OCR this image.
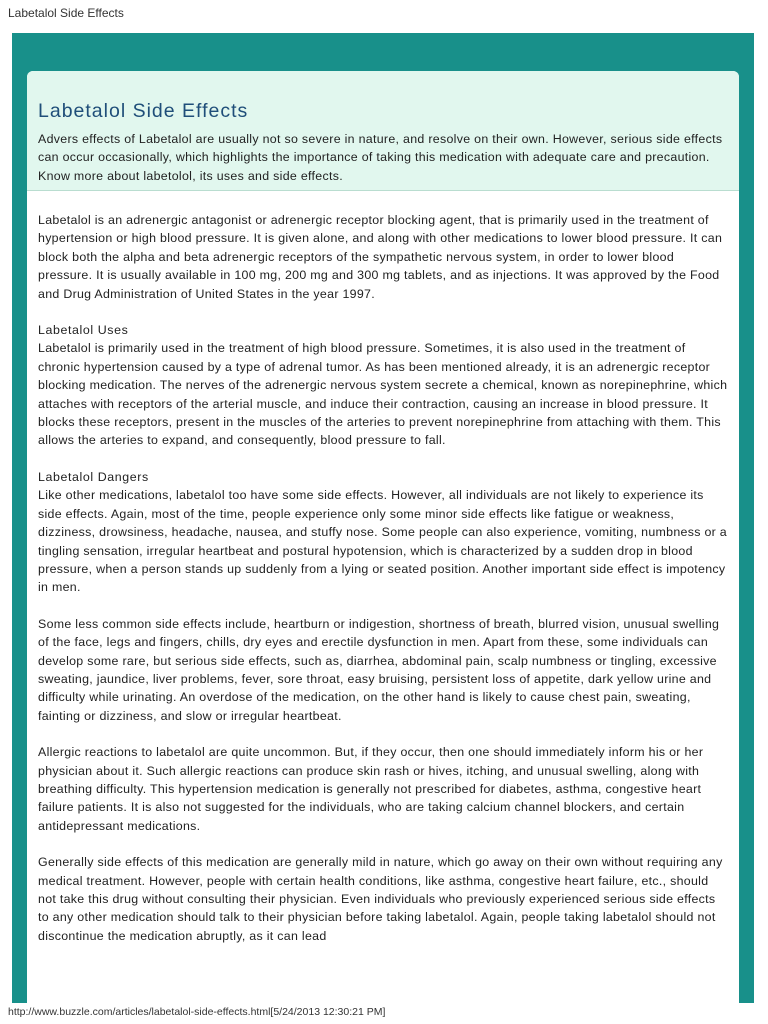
Labetalol Side Effects
Labetalol Side Effects

Advers effects of Labetalol are usually not so severe in nature, and resolve on their own. However, serious side effects can occur occasionally, which highlights the importance of taking this medication with adequate care and precaution. Know more about labetolol, its uses and side effects.

Labetalol is an adrenergic antagonist or adrenergic receptor blocking agent, that is primarily used in the treatment of hypertension or high blood pressure. It is given alone, and along with other medications to lower blood pressure. It can block both the alpha and beta adrenergic receptors of the sympathetic nervous system, in order to lower blood pressure. It is usually available in 100 mg, 200 mg and 300 mg tablets, and as injections. It was approved by the Food and Drug Administration of United States in the year 1997.

Labetalol Uses

Labetalol is primarily used in the treatment of high blood pressure. Sometimes, it is also used in the treatment of chronic hypertension caused by a type of adrenal tumor. As has been mentioned already, it is an adrenergic receptor blocking medication. The nerves of the adrenergic nervous system secrete a chemical, known as norepinephrine, which attaches with receptors of the arterial muscle, and induce their contraction, causing an increase in blood pressure. It blocks these receptors, present in the muscles of the arteries to prevent norepinephrine from attaching with them. This allows the arteries to expand, and consequently, blood pressure to fall.

Labetalol Dangers

Like other medications, labetalol too have some side effects. However, all individuals are not likely to experience its side effects. Again, most of the time, people experience only some minor side effects like fatigue or weakness, dizziness, drowsiness, headache, nausea, and stuffy nose. Some people can also experience, vomiting, numbness or a tingling sensation, irregular heartbeat and postural hypotension, which is characterized by a sudden drop in blood pressure, when a person stands up suddenly from a lying or seated position. Another important side effect is impotency in men.

Some less common side effects include, heartburn or indigestion, shortness of breath, blurred vision, unusual swelling of the face, legs and fingers, chills, dry eyes and erectile dysfunction in men. Apart from these, some individuals can develop some rare, but serious side effects, such as, diarrhea, abdominal pain, scalp numbness or tingling, excessive sweating, jaundice, liver problems, fever, sore throat, easy bruising, persistent loss of appetite, dark yellow urine and difficulty while urinating. An overdose of the medication, on the other hand is likely to cause chest pain, sweating, fainting or dizziness, and slow or irregular heartbeat.

Allergic reactions to labetalol are quite uncommon. But, if they occur, then one should immediately inform his or her physician about it. Such allergic reactions can produce skin rash or hives, itching, and unusual swelling, along with breathing difficulty. This hypertension medication is generally not prescribed for diabetes, asthma, congestive heart failure patients. It is also not suggested for the individuals, who are taking calcium channel blockers, and certain antidepressant medications.

Generally side effects of this medication are generally mild in nature, which go away on their own without requiring any medical treatment. However, people with certain health conditions, like asthma, congestive heart failure, etc., should not take this drug without consulting their physician. Even individuals who previously experienced serious side effects to any other medication should talk to their physician before taking labetalol. Again, people taking labetalol should not discontinue the medication abruptly, as it can lead

http://www.buzzle.com/articles/labetalol-side-effects.html[5/24/2013 12:30:21 PM]
